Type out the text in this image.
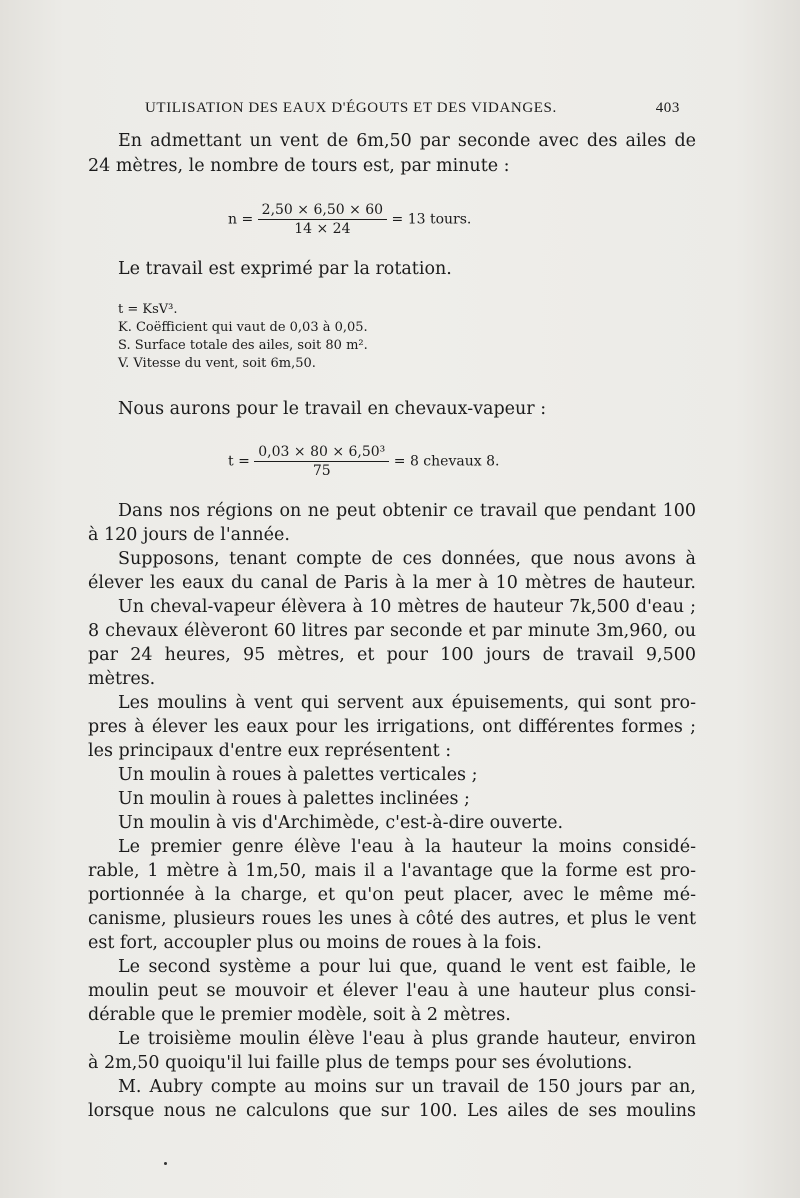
UTILISATION DES EAUX D'ÉGOUTS ET DES VIDANGES.	403
En admettant un vent de 6m,50 par seconde avec des ailes de
24 mètres, le nombre de tours est, par minute :
$n = \frac{2,50 \times 6,50 \times 60}{14 \times 24} = 13$ tours.
Le travail est exprimé par la rotation.
t = KsV³.
K. Coëfficient qui vaut de 0,03 à 0,05.
S. Surface totale des ailes, soit 80 m².
V. Vitesse du vent, soit 6m,50.
Nous aurons pour le travail en chevaux-vapeur :
$t = \frac{\text{0,03 × 80 × 6,50³}}{75} = 8$ chevaux 8.
Dans nos régions on ne peut obtenir ce travail que pendant 100
à 120 jours de l'année.
Supposons, tenant compte de ces données, que nous avons à
élever les eaux du canal de Paris à la mer à 10 mètres de hauteur.
Un cheval-vapeur élèvera à 10 mètres de hauteur 7k,500 d'eau ;
8 chevaux élèveront 60 litres par seconde et par minute 3m,960, ou
par 24 heures, 95 mètres, et pour 100 jours de travail 9,500
mètres.
Les moulins à vent qui servent aux épuisements, qui sont pro-
pres à élever les eaux pour les irrigations, ont différentes formes ;
les principaux d'entre eux représentent :
Un moulin à roues à palettes verticales ;
Un moulin à roues à palettes inclinées ;
Un moulin à vis d'Archimède, c'est-à-dire ouverte.
Le premier genre élève l'eau à la hauteur la moins considé-
rable, 1 mètre à 1m,50, mais il a l'avantage que la forme est pro-
portionnée à la charge, et qu'on peut placer, avec le même mé-
canisme, plusieurs roues les unes à côté des autres, et plus le vent
est fort, accoupler plus ou moins de roues à la fois.
Le second système a pour lui que, quand le vent est faible, le
moulin peut se mouvoir et élever l'eau à une hauteur plus consi-
dérable que le premier modèle, soit à 2 mètres.
Le troisième moulin élève l'eau à plus grande hauteur, environ
à 2m,50 quoiqu'il lui faille plus de temps pour ses évolutions.
M. Aubry compte au moins sur un travail de 150 jours par an,
lorsque nous ne calculons que sur 100. Les ailes de ses moulins
